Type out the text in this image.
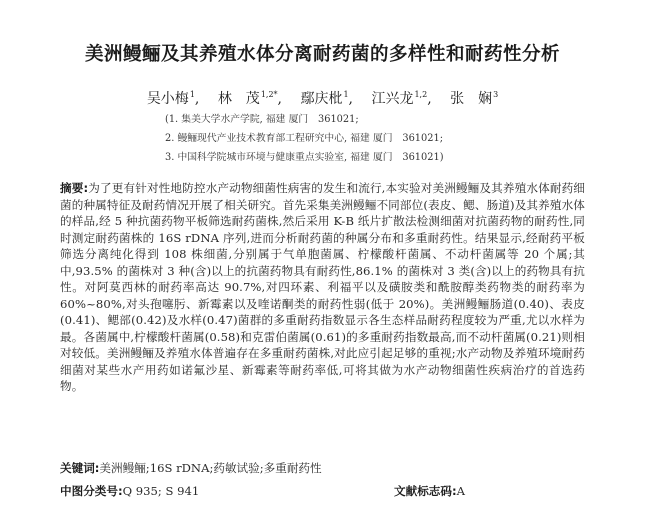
美洲鳗鲡及其养殖水体分离耐药菌的多样性和耐药性分析
吴小梅$^1$, 林　茂$^{1,2*}$, 鄢庆枇$^1$, 江兴龙$^{1,2}$, 张　娴$^3$
(1. 集美大学水产学院, 福建 厦门　361021;
2. 鳗鲡现代产业技术教育部工程研究中心, 福建 厦门　361021;
3. 中国科学院城市环境与健康重点实验室, 福建 厦门　361021)
摘要:为了更有针对性地防控水产动物细菌性病害的发生和流行,本实验对美洲鳗鲡及其养殖水体耐药细菌的种属特征及耐药情况开展了相关研究。首先采集美洲鳗鲡不同部位(表皮、鳃、肠道)及其养殖水体的样品,经 5 种抗菌药物平板筛选耐药菌株,然后采用 K-B 纸片扩散法检测细菌对抗菌药物的耐药性,同时测定耐药菌株的 16S rDNA 序列,进而分析耐药菌的种属分布和多重耐药性。结果显示,经耐药平板筛选分离纯化得到 108 株细菌,分别属于气单胞菌属、柠檬酸杆菌属、不动杆菌属等 20 个属;其中,93.5% 的菌株对 3 种(含)以上的抗菌药物具有耐药性,86.1% 的菌株对 3 类(含)以上的药物具有抗性。对阿莫西林的耐药率高达 90.7%,对四环素、利福平以及磺胺类和酰胺醇类药物类的耐药率为 60%~80%,对头孢噻肟、新霉素以及喹诺酮类的耐药性弱(低于 20%)。美洲鳗鲡肠道(0.40)、表皮(0.41)、鳃部(0.42)及水样(0.47)菌群的多重耐药指数显示各生态样品耐药程度较为严重,尤以水样为最。各菌属中,柠檬酸杆菌属(0.58)和克雷伯菌属(0.61)的多重耐药指数最高,而不动杆菌属(0.21)则相对较低。美洲鳗鲡及养殖水体普遍存在多重耐药菌株,对此应引起足够的重视;水产动物及养殖环境耐药细菌对某些水产用药如诺氟沙星、新霉素等耐药率低,可将其做为水产动物细菌性疾病治疗的首选药物。
关键词:美洲鳗鲡;16S rDNA;药敏试验;多重耐药性
中图分类号:Q 935; S 941	文献标志码:A
